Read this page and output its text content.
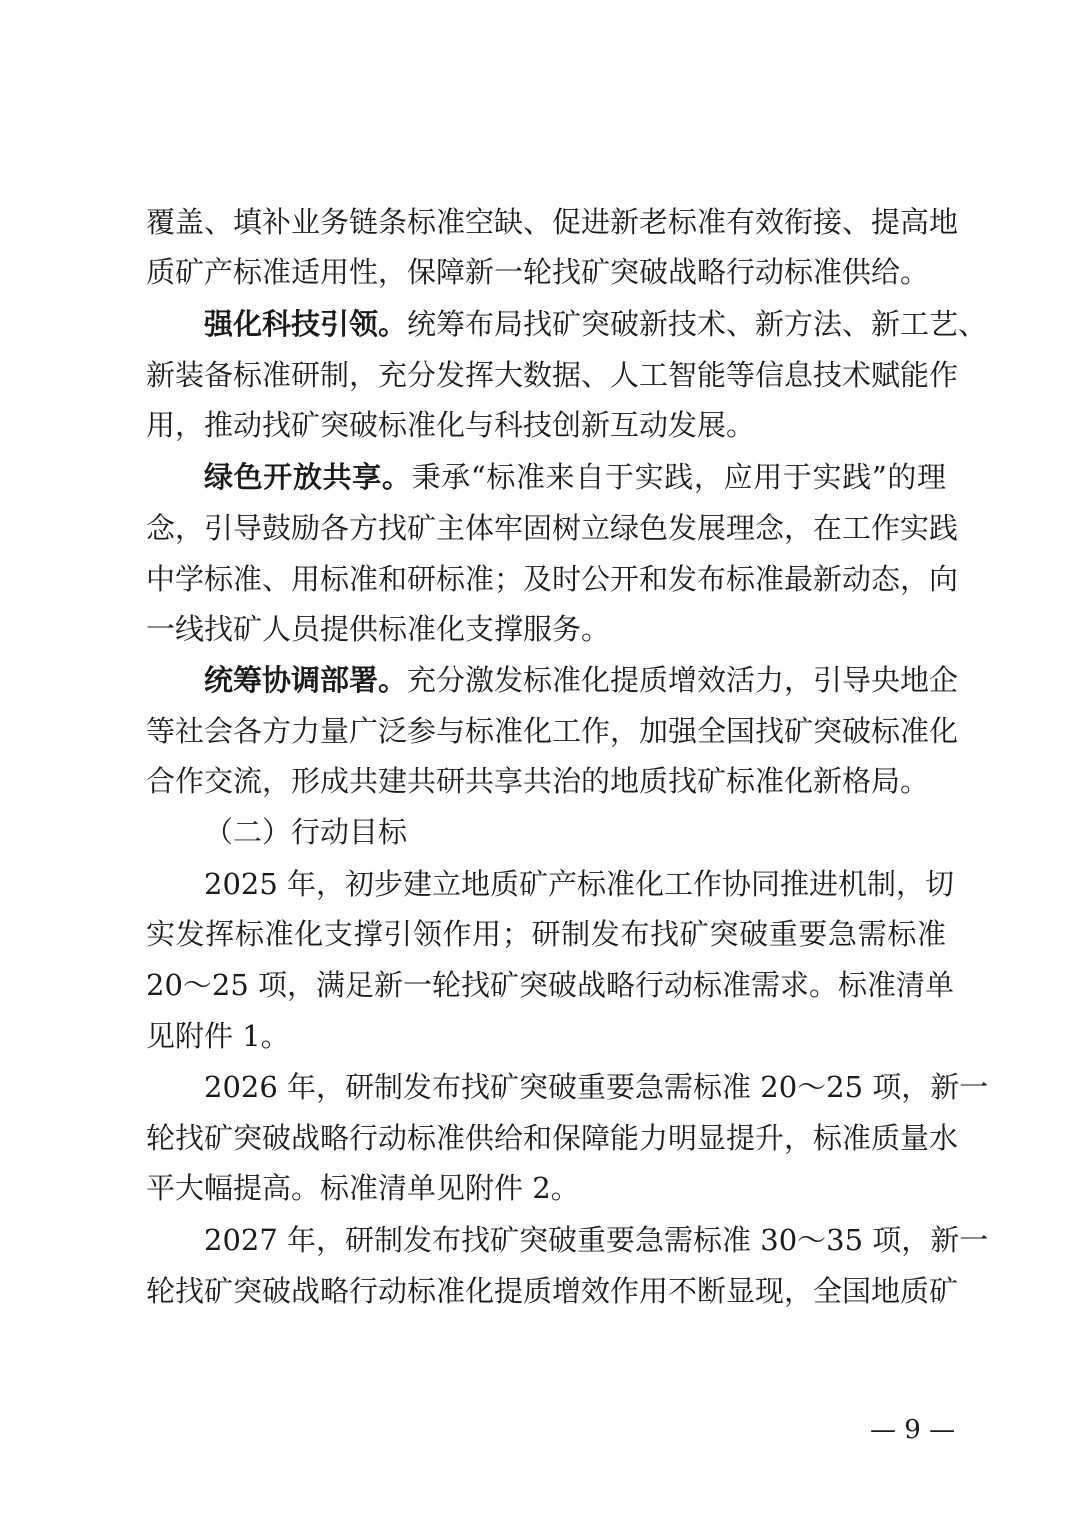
覆盖、填补业务链条标准空缺、促进新老标准有效衔接、提高地
质矿产标准适用性，保障新一轮找矿突破战略行动标准供给。
强化科技引领。统筹布局找矿突破新技术、新方法、新工艺、
新装备标准研制，充分发挥大数据、人工智能等信息技术赋能作
用，推动找矿突破标准化与科技创新互动发展。
绿色开放共享。秉承“标准来自于实践，应用于实践”的理
念，引导鼓励各方找矿主体牢固树立绿色发展理念，在工作实践
中学标准、用标准和研标准；及时公开和发布标准最新动态，向
一线找矿人员提供标准化支撑服务。
统筹协调部署。充分激发标准化提质增效活力，引导央地企
等社会各方力量广泛参与标准化工作，加强全国找矿突破标准化
合作交流，形成共建共研共享共治的地质找矿标准化新格局。
（二）行动目标
2025 年，初步建立地质矿产标准化工作协同推进机制，切
实发挥标准化支撑引领作用；研制发布找矿突破重要急需标准
20～25 项，满足新一轮找矿突破战略行动标准需求。标准清单
见附件 1。
2026 年，研制发布找矿突破重要急需标准 20～25 项，新一
轮找矿突破战略行动标准供给和保障能力明显提升，标准质量水
平大幅提高。标准清单见附件 2。
2027 年，研制发布找矿突破重要急需标准 30～35 项，新一
轮找矿突破战略行动标准化提质增效作用不断显现，全国地质矿
— 9 —
